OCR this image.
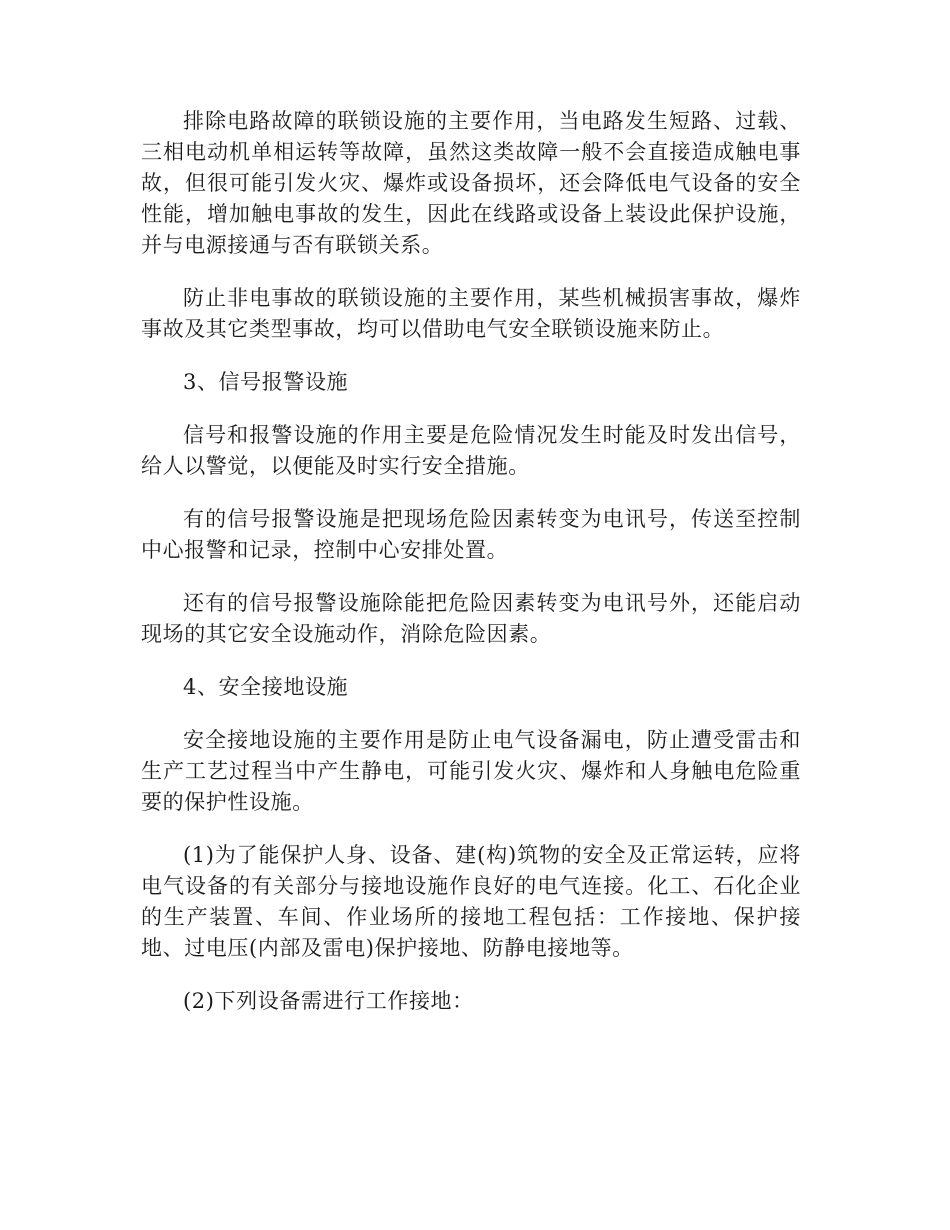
排除电路故障的联锁设施的主要作用，当电路发生短路、过载、三相电动机单相运转等故障，虽然这类故障一般不会直接造成触电事故，但很可能引发火灾、爆炸或设备损坏，还会降低电气设备的安全性能，增加触电事故的发生，因此在线路或设备上装设此保护设施，并与电源接通与否有联锁关系。

防止非电事故的联锁设施的主要作用，某些机械损害事故，爆炸事故及其它类型事故，均可以借助电气安全联锁设施来防止。

3、信号报警设施

信号和报警设施的作用主要是危险情况发生时能及时发出信号，给人以警觉，以便能及时实行安全措施。

有的信号报警设施是把现场危险因素转变为电讯号，传送至控制中心报警和记录，控制中心安排处置。

还有的信号报警设施除能把危险因素转变为电讯号外，还能启动现场的其它安全设施动作，消除危险因素。

4、安全接地设施

安全接地设施的主要作用是防止电气设备漏电，防止遭受雷击和生产工艺过程当中产生静电，可能引发火灾、爆炸和人身触电危险重要的保护性设施。

(1)为了能保护人身、设备、建(构)筑物的安全及正常运转，应将电气设备的有关部分与接地设施作良好的电气连接。化工、石化企业的生产装置、车间、作业场所的接地工程包括：工作接地、保护接地、过电压(内部及雷电)保护接地、防静电接地等。

(2)下列设备需进行工作接地：
